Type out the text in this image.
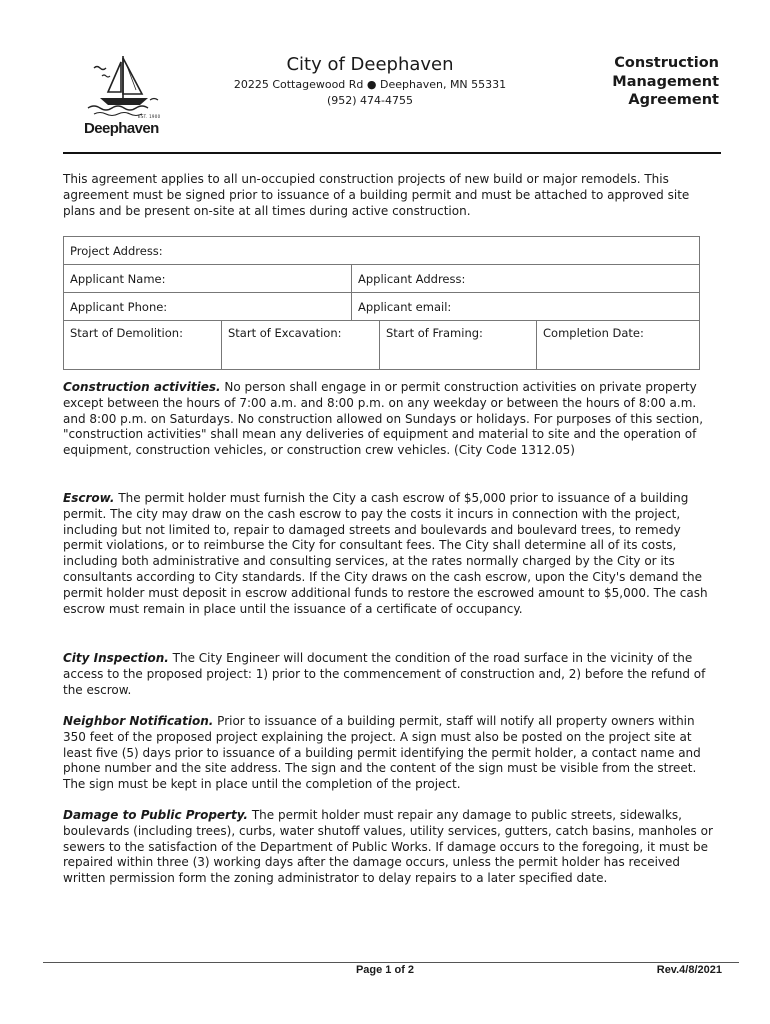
EST. 1900
Deephaven
City of Deephaven
20225 Cottagewood Rd ● Deephaven, MN 55331
(952) 474-4755
Construction
Management
Agreement
This agreement applies to all un-occupied construction projects of new build or major remodels. This agreement must be signed prior to issuance of a building permit and must be attached to approved site plans and be present on-site at all times during active construction.
Project Address:				
Applicant Name:		Applicant Address:		
Applicant Phone:		Applicant email:		
Start of Demolition:	Start of Excavation:		Start of Framing:	Completion Date:

Construction activities. No person shall engage in or permit construction activities on private property except between the hours of 7:00 a.m. and 8:00 p.m. on any weekday or between the hours of 8:00 a.m. and 8:00 p.m. on Saturdays. No construction allowed on Sundays or holidays. For purposes of this section, "construction activities" shall mean any deliveries of equipment and material to site and the operation of equipment, construction vehicles, or construction crew vehicles. (City Code 1312.05)

Escrow. The permit holder must furnish the City a cash escrow of $5,000 prior to issuance of a building permit. The city may draw on the cash escrow to pay the costs it incurs in connection with the project, including but not limited to, repair to damaged streets and boulevards and boulevard trees, to remedy permit violations, or to reimburse the City for consultant fees. The City shall determine all of its costs, including both administrative and consulting services, at the rates normally charged by the City or its consultants according to City standards. If the City draws on the cash escrow, upon the City's demand the permit holder must deposit in escrow additional funds to restore the escrowed amount to $5,000. The cash escrow must remain in place until the issuance of a certificate of occupancy.

City Inspection. The City Engineer will document the condition of the road surface in the vicinity of the access to the proposed project: 1) prior to the commencement of construction and, 2) before the refund of the escrow.

Neighbor Notification. Prior to issuance of a building permit, staff will notify all property owners within 350 feet of the proposed project explaining the project. A sign must also be posted on the project site at least five (5) days prior to issuance of a building permit identifying the permit holder, a contact name and phone number and the site address. The sign and the content of the sign must be visible from the street. The sign must be kept in place until the completion of the project.

Damage to Public Property. The permit holder must repair any damage to public streets, sidewalks, boulevards (including trees), curbs, water shutoff values, utility services, gutters, catch basins, manholes or sewers to the satisfaction of the Department of Public Works. If damage occurs to the foregoing, it must be repaired within three (3) working days after the damage occurs, unless the permit holder has received written permission form the zoning administrator to delay repairs to a later specified date.

Page 1 of 2	Rev.4/8/2021
